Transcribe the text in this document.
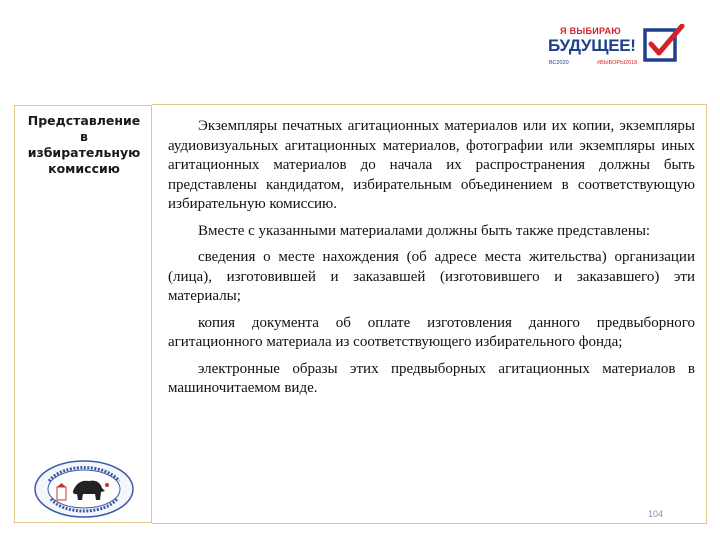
Я ВЫБИРАЮ
БУДУЩЕЕ!
ВС2020	#ВЫБОРЫ2018
Представление
в
избирательную
комиссию

Экземпляры печатных агитационных материалов или их копии, экземпляры аудиовизуальных агитационных материалов, фотографии или экземпляры иных агитационных материалов до начала их распространения должны быть представлены кандидатом, избирательным объединением в соответствующую избирательную комиссию.

Вместе с указанными материалами должны быть также представлены:

сведения о месте нахождения (об адресе места жительства) организации (лица), изготовившей и заказавшей (изготовившего и заказавшего) эти материалы;

копия документа об оплате изготовления данного предвыборного агитационного материала из соответствующего избирательного фонда;

электронные образы этих предвыборных агитационных материалов в машиночитаемом виде.

104
